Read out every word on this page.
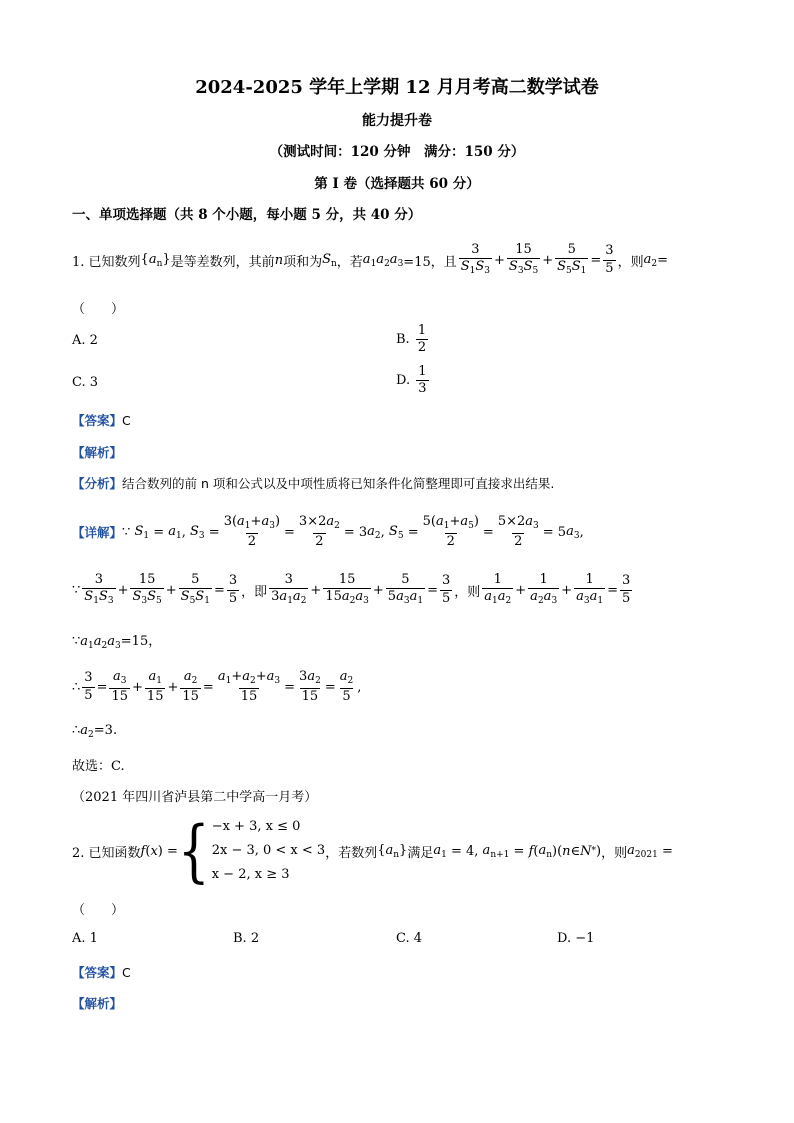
2024-2025 学年上学期 12 月月考高二数学试卷
能力提升卷
（测试时间：120 分钟　满分：150 分）
第 I 卷（选择题共 60 分）
一、单项选择题（共 8 个小题，每小题 5 分，共 40 分）
1. 已知数列 $\{a_n\}$ 是等差数列，其前 n 项和为 $S_n$ ，若 $a_1a_2a_3 =15$，且 $\frac{3}{S_1S_3} + \frac{15}{S_3S_5} + \frac{5}{S_5S_1} = \frac{3}{5}$ ，则 $a_2$ =
（　　）
A. 2	B.
$\frac{1}{2}$
C. 3	D.
$\frac{1}{3}$
【答案】C
【解析】
【分析】结合数列的前 n 项和公式以及中项性质将已知条件化简整理即可直接求出结果.
【详解】 ∵
$S_1 = a_1$ , $S_3 = \frac{3(a_1+a_3)}{2} = \frac{3\times 2a_2}{2} = 3$ $a_2$ , $S_5 = \frac{5(a_1+a_5)}{2} = \frac{5\times 2a_3}{2} = 5$ $a_3$ ,
∵ $\frac{3}{S_1S_3} + \frac{15}{S_3S_5} + \frac{5}{S_5S_1} = \frac{3}{5}$ ，即 $\frac{3}{3a_1a_2} + \frac{15}{15a_2a_3} + \frac{5}{5a_3a_1} = \frac{3}{5}$ ，则 $\frac{1}{a_1a_2} + \frac{1}{a_2a_3} + \frac{1}{a_3a_1} = \frac{3}{5}$
$\because a_1a_2a_3=15$，
∴ $\frac{3}{5} = \frac{a_3}{15} + \frac{a_1}{15} + \frac{a_2}{15} = \frac{a_1+a_2+a_3}{15} = \frac{3a_2}{15} = \frac{a_2}{5}$ ,
$\therefore a_2=3$.
故选：C.
（2021 年四川省泸县第二中学高一月考）
2. 已知函数 f ( x ) = { −x + 3, x ≤ 0
2x − 3, 0 < x < 3
x − 2, x ≥ 3
，若数列 $\{a_n\}$ 满足 $a_1 = 4$, $a_{n+1} = f$ ( $a_n$ )( n ∈ N * ) ，则 $a_{2021}$ =
（　　）
A. 1	B. 2	C. 4	D. −1
【答案】C
【解析】
